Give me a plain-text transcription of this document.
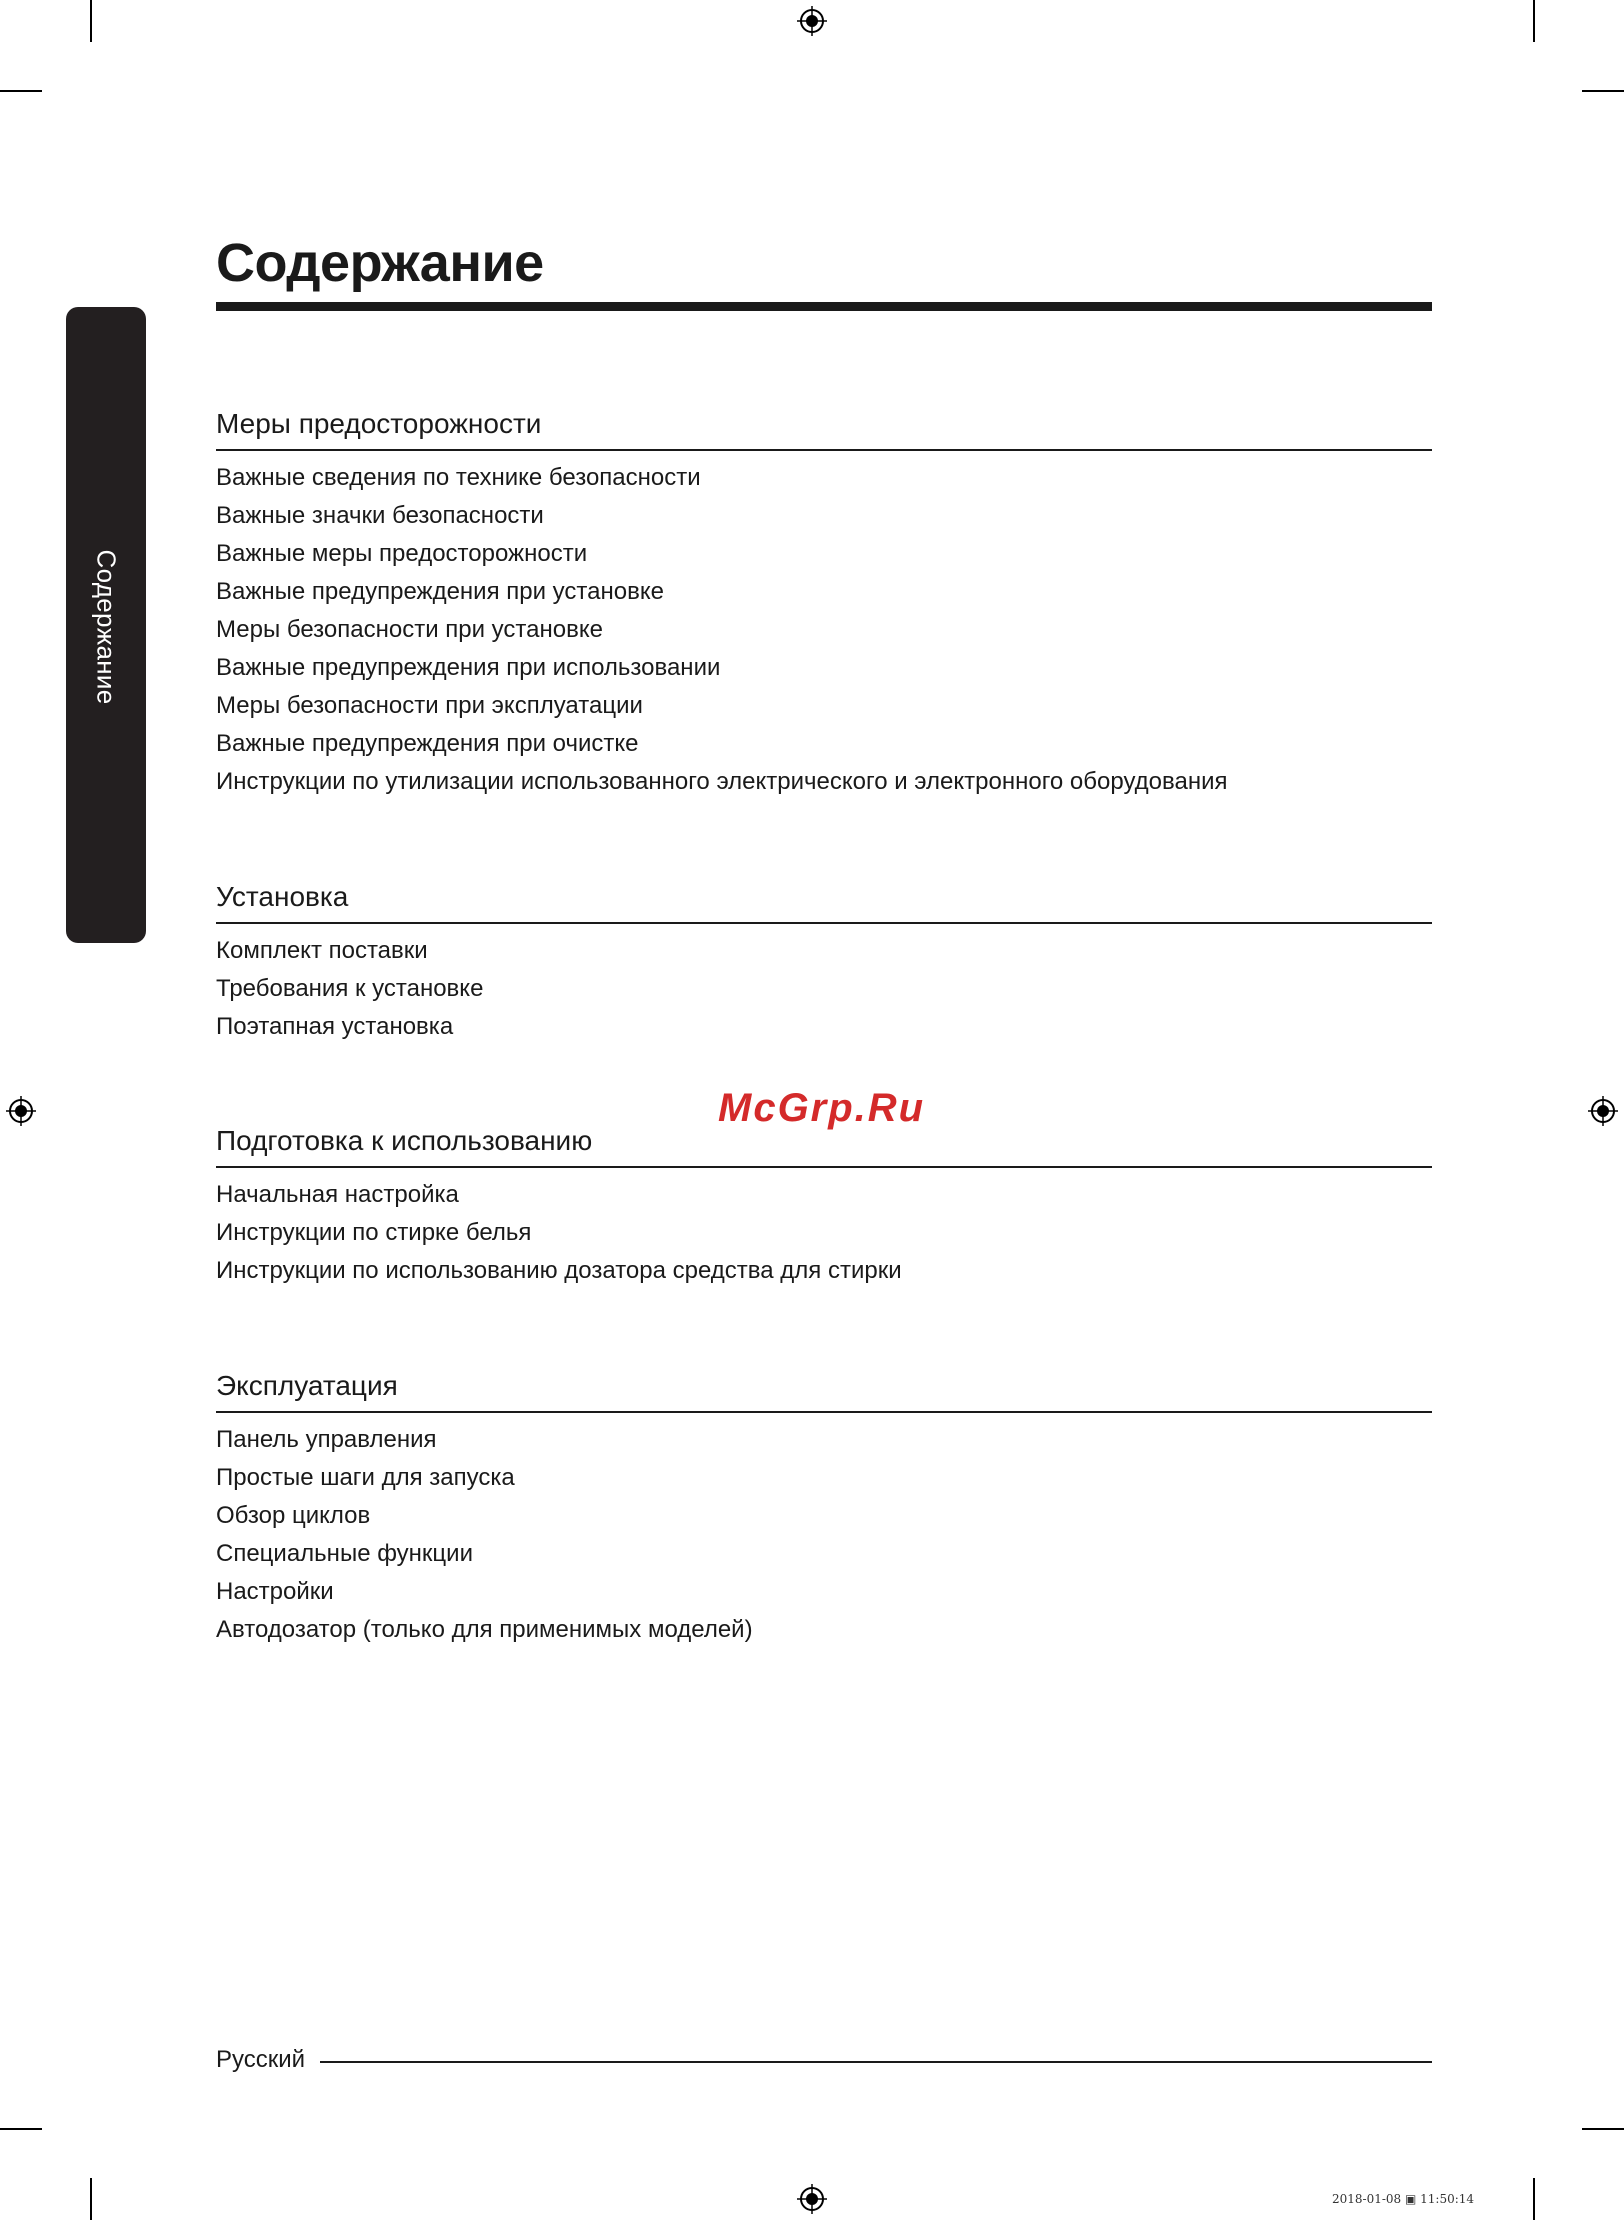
Содержание
Содержание
Меры предосторожности
Важные сведения по технике безопасности
Важные значки безопасности
Важные меры предосторожности
Важные предупреждения при установке
Меры безопасности при установке
Важные предупреждения при использовании
Меры безопасности при эксплуатации
Важные предупреждения при очистке
Инструкции по утилизации использованного электрического и электронного оборудования
Установка
Комплект поставки
Требования к установке
Поэтапная установка
McGrp.Ru
Подготовка к использованию
Начальная настройка
Инструкции по стирке белья
Инструкции по использованию дозатора средства для стирки
Эксплуатация
Панель управления
Простые шаги для запуска
Обзор циклов
Специальные функции
Настройки
Автодозатор (только для применимых моделей)
Русский
2018-01-08 ▣ 11:50:14
